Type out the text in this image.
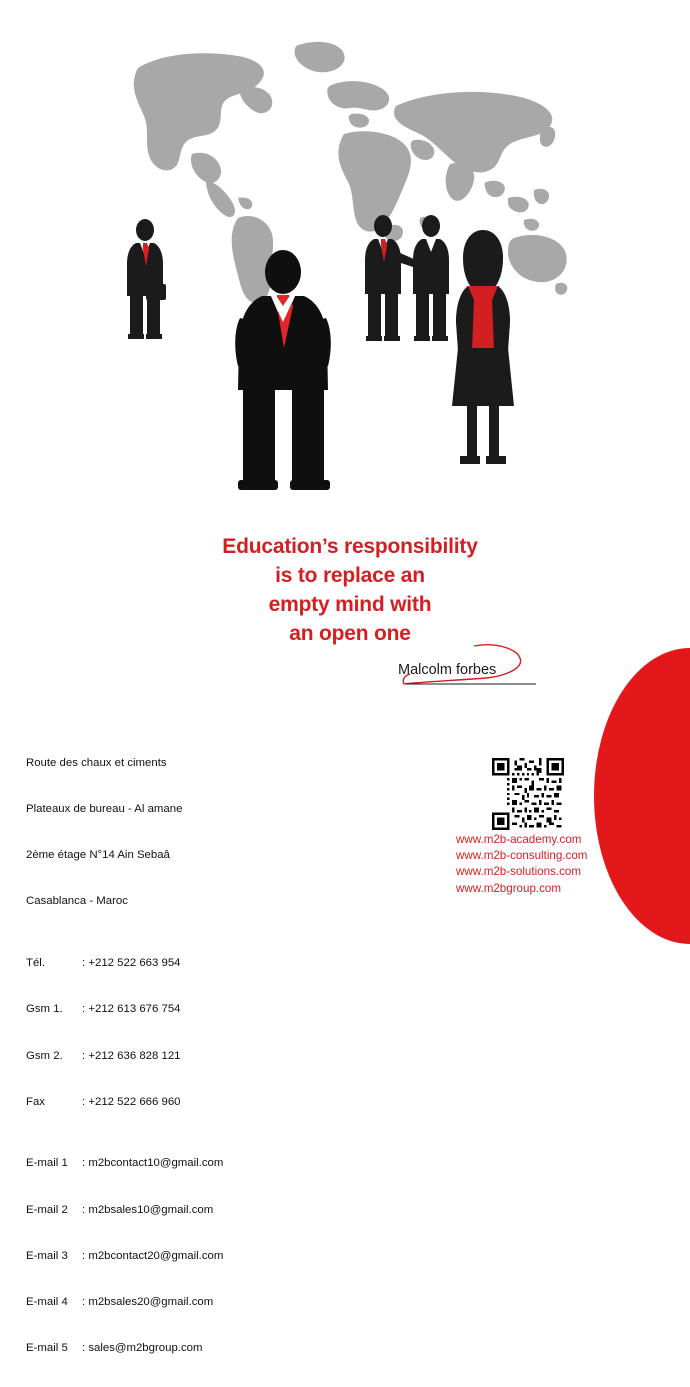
Education’s responsibility
is to replace an
empty mind with
an open one
Malcolm forbes

Route des chaux et ciments

Plateaux de bureau - Al amane

2ème étage N°14 Ain Sebaâ

Casablanca - Maroc

Tél.	: +212 522 663 954

Gsm 1. : +212 613 676 754

Gsm 2. : +212 636 828 121

Fax	: +212 522 666 960

E-mail 1 : m2bcontact10@gmail.com

E-mail 2 : m2bsales10@gmail.com

E-mail 3 : m2bcontact20@gmail.com

E-mail 4 : m2bsales20@gmail.com

E-mail 5 : sales@m2bgroup.com

www.m2b-academy.com
www.m2b-consulting.com
www.m2b-solutions.com
www.m2bgroup.com
